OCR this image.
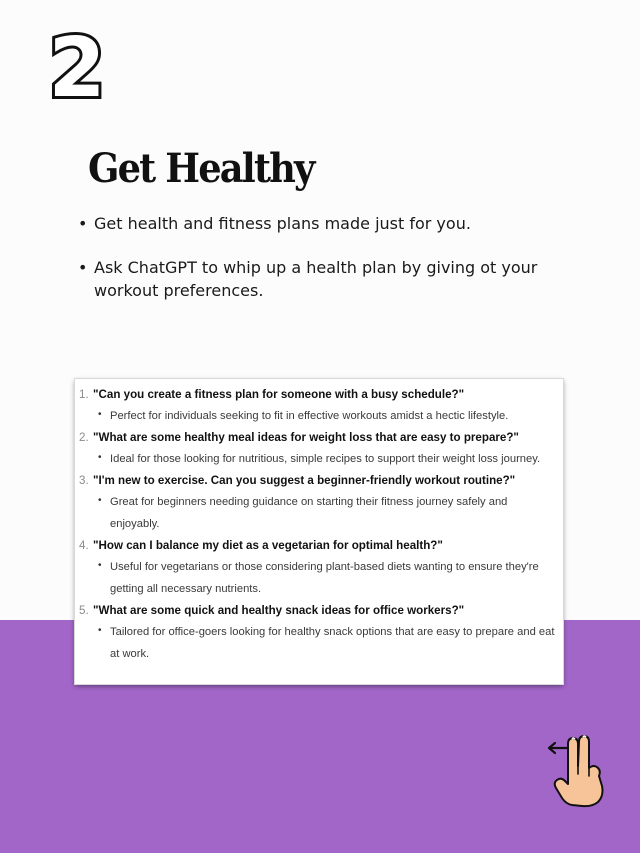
2
Get Healthy
• Get health and fitness plans made just for you.
• Ask ChatGPT to whip up a health plan by giving ot your workout preferences.
1. "Can you create a fitness plan for someone with a busy schedule?"
• Perfect for individuals seeking to fit in effective workouts amidst a hectic lifestyle.
2. "What are some healthy meal ideas for weight loss that are easy to prepare?"
• Ideal for those looking for nutritious, simple recipes to support their weight loss journey.
3. "I'm new to exercise. Can you suggest a beginner-friendly workout routine?"
• Great for beginners needing guidance on starting their fitness journey safely and enjoyably.
4. "How can I balance my diet as a vegetarian for optimal health?"
• Useful for vegetarians or those considering plant-based diets wanting to ensure they're getting all necessary nutrients.
5. "What are some quick and healthy snack ideas for office workers?"
• Tailored for office-goers looking for healthy snack options that are easy to prepare and eat at work.
